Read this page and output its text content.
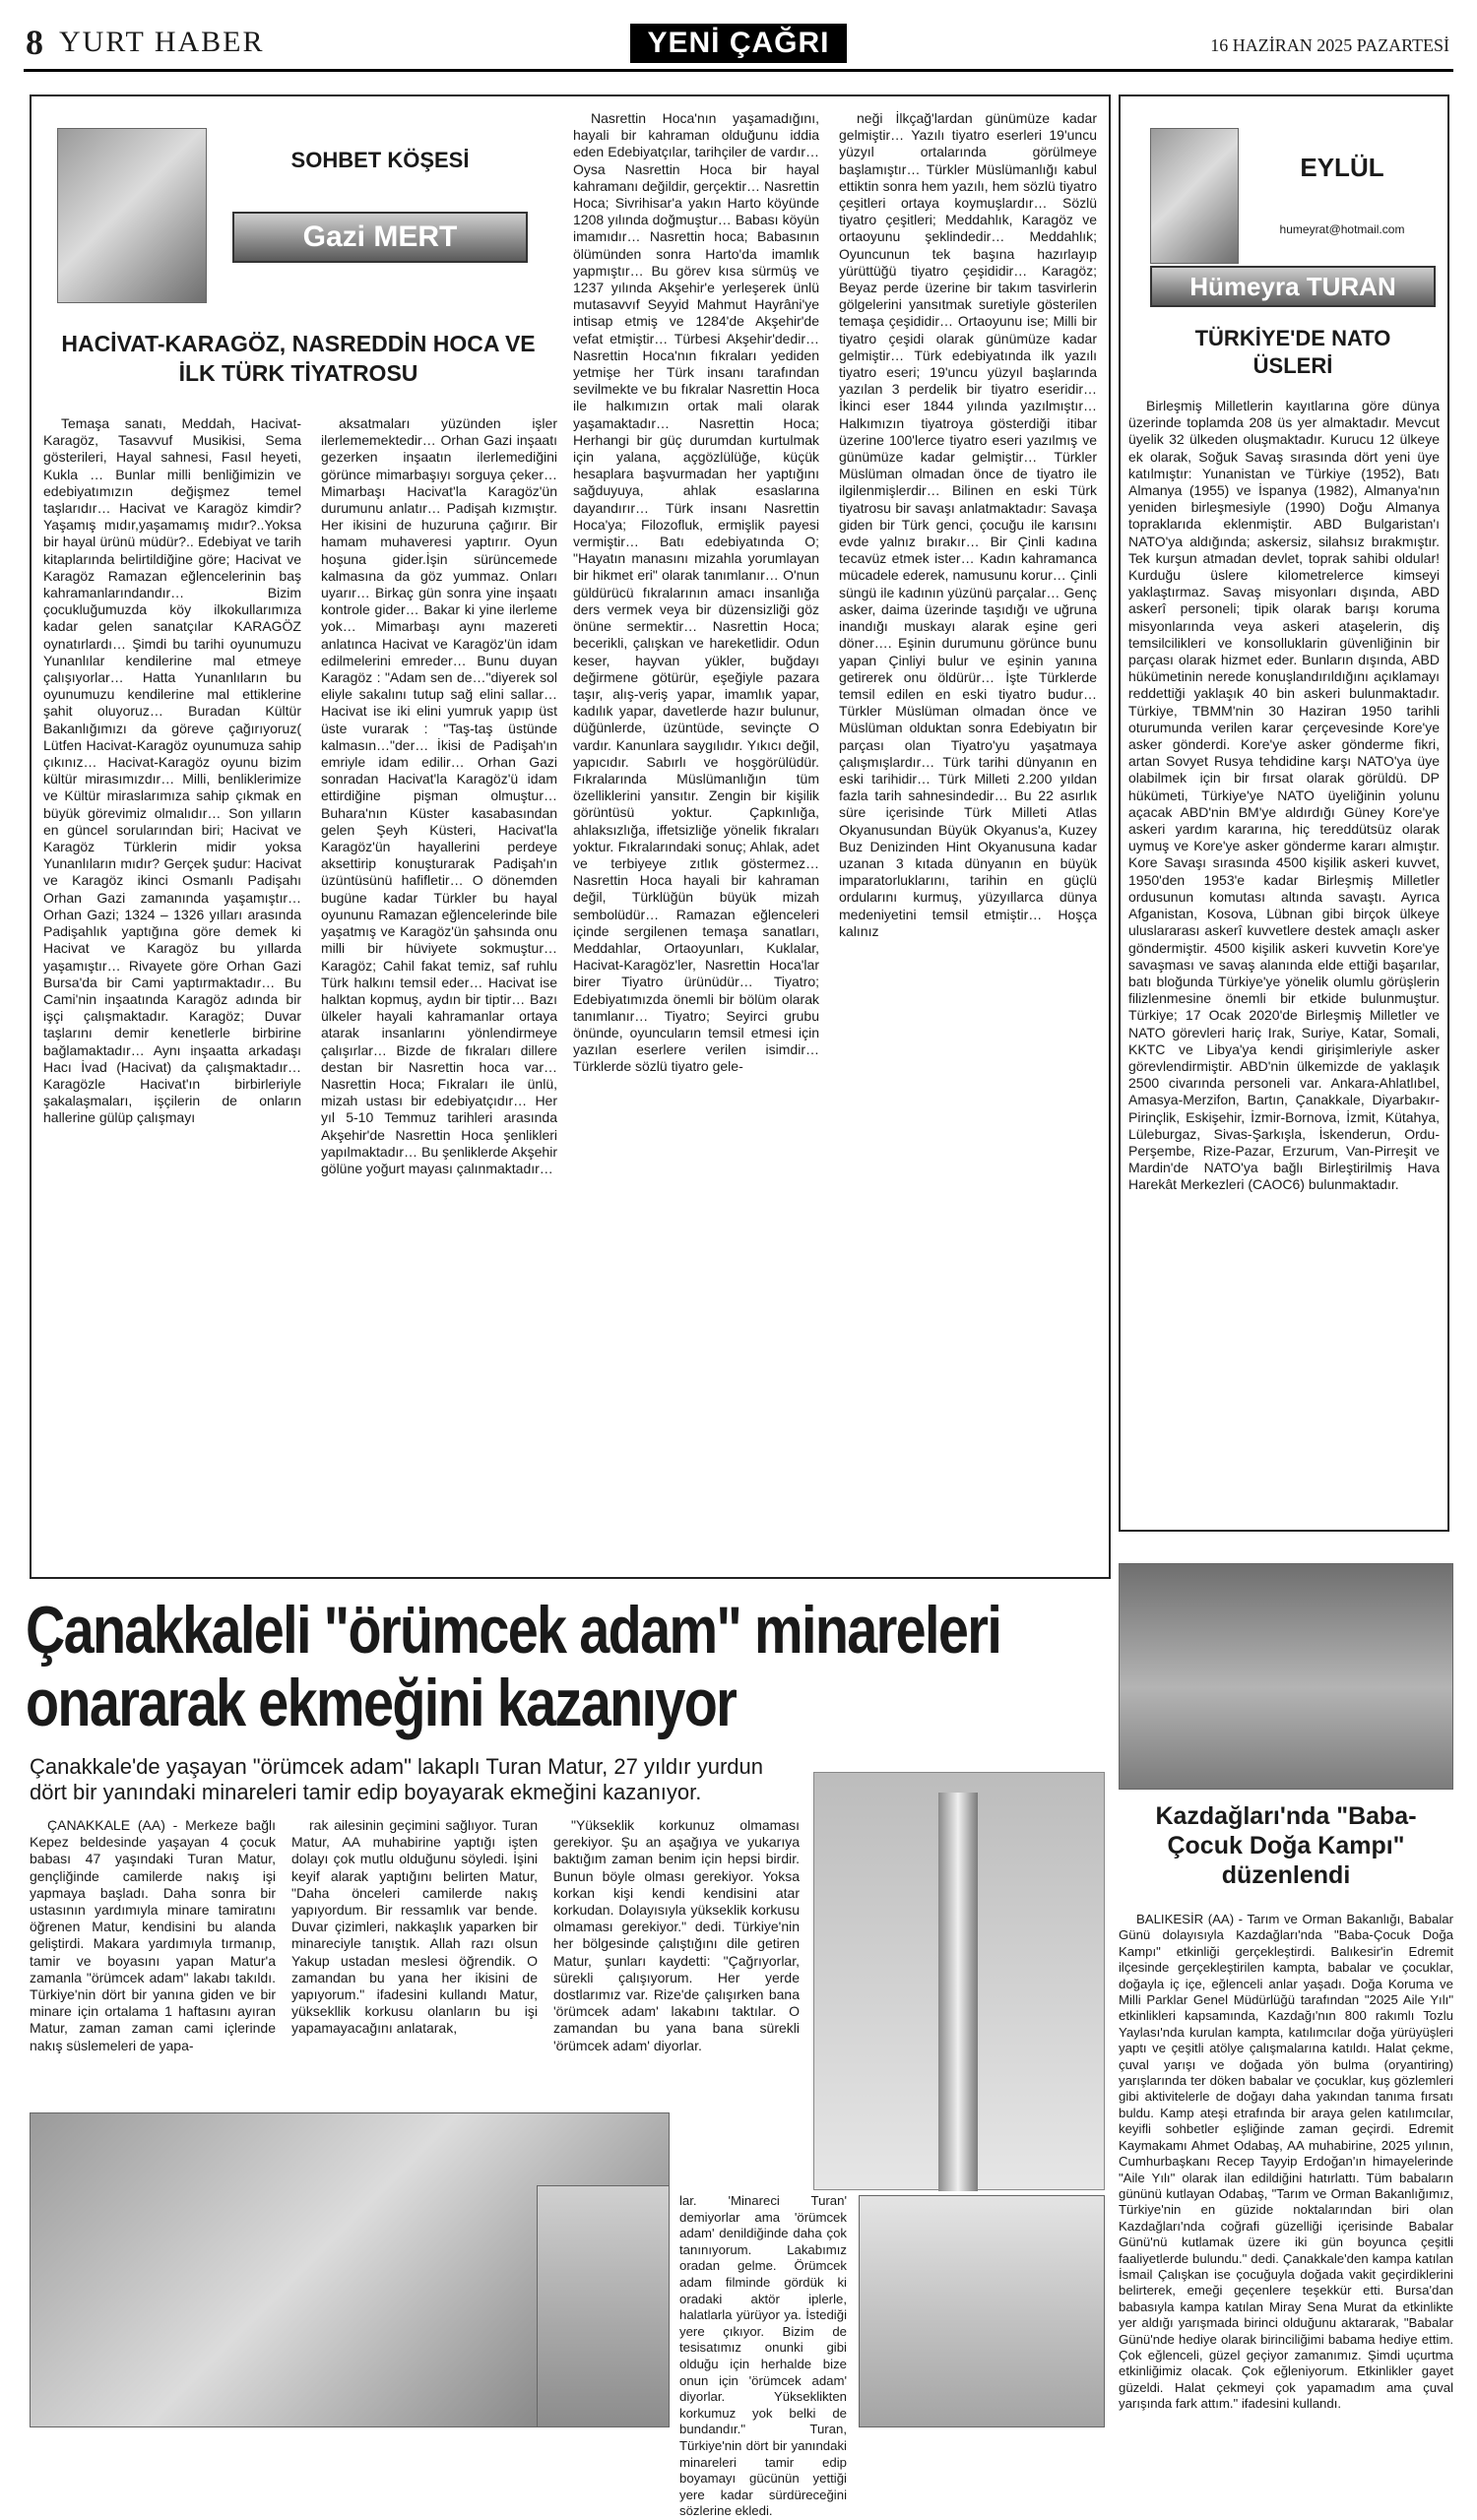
8 YURT HABER	YENİ ÇAĞRI	16 HAZİRAN 2025 PAZARTESİ
SOHBET KÖŞESİ
Gazi MERT
HACİVAT-KARAGÖZ, NASREDDİN HOCA VE İLK TÜRK TİYATROSU
Temaşa sanatı, Meddah, Hacivat-Karagöz, Tasavvuf Musikisi, Sema gösterileri, Hayal sahnesi, Fasıl heyeti, Kukla … Bunlar milli benliğimizin ve edebiyatımızın değişmez temel taşlarıdır… Hacivat ve Karagöz kimdir? Yaşamış mıdır,yaşamamış mıdır?..Yoksa bir hayal ürünü müdür?.. Edebiyat ve tarih kitaplarında belirtildiğine göre; Hacivat ve Karagöz Ramazan eğlencelerinin baş kahramanlarındandır… Bizim çocukluğumuzda köy ilkokullarımıza kadar gelen sanatçılar KARAGÖZ oynatırlardı… Şimdi bu tarihi oyunumuzu Yunanlılar kendilerine mal etmeye çalışıyorlar… Hatta Yunanlıların bu oyunumuzu kendilerine mal ettiklerine şahit oluyoruz… Buradan Kültür Bakanlığımızı da göreve çağırıyoruz( Lütfen Hacivat-Karagöz oyunumuza sahip çıkınız… Hacivat-Karagöz oyunu bizim kültür mirasımızdır… Milli, benliklerimize ve Kültür miraslarımıza sahip çıkmak en büyük görevimiz olmalıdır… Son yılların en güncel sorularından biri; Hacivat ve Karagöz Türklerin midir yoksa Yunanlıların mıdır? Gerçek şudur: Hacivat ve Karagöz ikinci Osmanlı Padişahı Orhan Gazi zamanında yaşamıştır… Orhan Gazi; 1324 – 1326 yılları arasında Padişahlık yaptığına göre demek ki Hacivat ve Karagöz bu yıllarda yaşamıştır… Rivayete göre Orhan Gazi Bursa'da bir Cami yaptırmaktadır… Bu Cami'nin inşaatında Karagöz adında bir işçi çalışmaktadır. Karagöz; Duvar taşlarını demir kenetlerle birbirine bağlamaktadır… Aynı inşaatta arkadaşı Hacı İvad (Hacivat) da çalışmaktadır… Karagözle Hacivat'ın birbirleriyle şakalaşmaları, işçilerin de onların hallerine gülüp çalışmayı
aksatmaları yüzünden işler ilerlememektedir… Orhan Gazi inşaatı gezerken inşaatın ilerlemediğini görünce mimarbaşıyı sorguya çeker… Mimarbaşı Hacivat'la Karagöz'ün durumunu anlatır… Padişah kızmıştır. Her ikisini de huzuruna çağırır. Bir hamam muhaveresi yaptırır. Oyun hoşuna gider.İşin sürüncemede kalmasına da göz yummaz. Onları uyarır… Birkaç gün sonra yine inşaatı kontrole gider… Bakar ki yine ilerleme yok… Mimarbaşı aynı mazereti anlatınca Hacivat ve Karagöz'ün idam edilmelerini emreder… Bunu duyan Karagöz : "Adam sen de…"diyerek sol eliyle sakalını tutup sağ elini sallar… Hacivat ise iki elini yumruk yapıp üst üste vurarak : "Taş-taş üstünde kalmasın…"der… İkisi de Padişah'ın emriyle idam edilir… Orhan Gazi sonradan Hacivat'la Karagöz'ü idam ettirdiğine pişman olmuştur… Buhara'nın Küster kasabasından gelen Şeyh Küsteri, Hacivat'la Karagöz'ün hayallerini perdeye aksettirip konuşturarak Padişah'ın üzüntüsünü hafifletir… O dönemden bugüne kadar Türkler bu hayal oyununu Ramazan eğlencelerinde bile yaşatmış ve Karagöz'ün şahsında onu milli bir hüviyete sokmuştur… Karagöz; Cahil fakat temiz, saf ruhlu Türk halkını temsil eder… Hacivat ise halktan kopmuş, aydın bir tiptir… Bazı ülkeler hayali kahramanlar ortaya atarak insanlarını yönlendirmeye çalışırlar… Bizde de fıkraları dillere destan bir Nasrettin hoca var… Nasrettin Hoca; Fıkraları ile ünlü, mizah ustası bir edebiyatçıdır… Her yıl 5-10 Temmuz tarihleri arasında Akşehir'de Nasrettin Hoca şenlikleri yapılmaktadır… Bu şenliklerde Akşehir gölüne yoğurt mayası çalınmaktadır…
Nasrettin Hoca'nın yaşamadığını, hayali bir kahraman olduğunu iddia eden Edebiyatçılar, tarihçiler de vardır… Oysa Nasrettin Hoca bir hayal kahramanı değildir, gerçektir… Nasrettin Hoca; Sivrihisar'a yakın Harto köyünde 1208 yılında doğmuştur… Babası köyün imamıdır… Nasrettin hoca; Babasının ölümünden sonra Harto'da imamlık yapmıştır… Bu görev kısa sürmüş ve 1237 yılında Akşehir'e yerleşerek ünlü mutasavvıf Seyyid Mahmut Hayrâni'ye intisap etmiş ve 1284'de Akşehir'de vefat etmiştir… Türbesi Akşehir'dedir… Nasrettin Hoca'nın fıkraları yediden yetmişe her Türk insanı tarafından sevilmekte ve bu fıkralar Nasrettin Hoca ile halkımızın ortak mali olarak yaşamaktadır… Nasrettin Hoca; Herhangi bir güç durumdan kurtulmak için yalana, açgözlülüğe, küçük hesaplara başvurmadan her yaptığını sağduyuya, ahlak esaslarına dayandırır… Türk insanı Nasrettin Hoca'ya; Filozofluk, ermişlik payesi vermiştir… Batı edebiyatında O; "Hayatın manasını mizahla yorumlayan bir hikmet eri" olarak tanımlanır… O'nun güldürücü fıkralarının amacı insanlığa ders vermek veya bir düzensizliği göz önüne sermektir… Nasrettin Hoca; becerikli, çalışkan ve hareketlidir. Odun keser, hayvan yükler, buğdayı değirmene götürür, eşeğiyle pazara taşır, alış-veriş yapar, imamlık yapar, kadılık yapar, davetlerde hazır bulunur, düğünlerde, üzüntüde, sevinçte O vardır. Kanunlara saygılıdır. Yıkıcı değil, yapıcıdır. Sabırlı ve hoşgörülüdür. Fıkralarında Müslümanlığın tüm özelliklerini yansıtır. Zengin bir kişilik görüntüsü yoktur. Çapkınlığa, ahlaksızlığa, iffetsizliğe yönelik fıkraları yoktur. Fıkralarındaki sonuç; Ahlak, adet ve terbiyeye zıtlık göstermez… Nasrettin Hoca hayali bir kahraman değil, Türklüğün büyük mizah sembolüdür… Ramazan eğlenceleri içinde sergilenen temaşa sanatları, Meddahlar, Ortaoyunları, Kuklalar, Hacivat-Karagöz'ler, Nasrettin Hoca'lar birer Tiyatro ürünüdür… Tiyatro; Edebiyatımızda önemli bir bölüm olarak tanımlanır… Tiyatro; Seyirci grubu önünde, oyuncuların temsil etmesi için yazılan eserlere verilen isimdir… Türklerde sözlü tiyatro gele-
neği İlkçağ'lardan günümüze kadar gelmiştir… Yazılı tiyatro eserleri 19'uncu yüzyıl ortalarında görülmeye başlamıştır… Türkler Müslümanlığı kabul ettiktin sonra hem yazılı, hem sözlü tiyatro çeşitleri ortaya koymuşlardır… Sözlü tiyatro çeşitleri; Meddahlık, Karagöz ve ortaoyunu şeklindedir… Meddahlık; Oyuncunun tek başına hazırlayıp yürüttüğü tiyatro çeşididir… Karagöz; Beyaz perde üzerine bir takım tasvirlerin gölgelerini yansıtmak suretiyle gösterilen temaşa çeşididir… Ortaoyunu ise; Milli bir tiyatro çeşidi olarak günümüze kadar gelmiştir… Türk edebiyatında ilk yazılı tiyatro eseri; 19'uncu yüzyıl başlarında yazılan 3 perdelik bir tiyatro eseridir… İkinci eser 1844 yılında yazılmıştır… Halkımızın tiyatroya gösterdiği itibar üzerine 100'lerce tiyatro eseri yazılmış ve günümüze kadar gelmiştir… Türkler Müslüman olmadan önce de tiyatro ile ilgilenmişlerdir… Bilinen en eski Türk tiyatrosu bir savaşı anlatmaktadır: Savaşa giden bir Türk genci, çocuğu ile karısını evde yalnız bırakır… Bir Çinli kadına tecavüz etmek ister… Kadın kahramanca mücadele ederek, namusunu korur… Çinli süngü ile kadının yüzünü parçalar… Genç asker, daima üzerinde taşıdığı ve uğruna inandığı muskayı alarak eşine geri döner…. Eşinin durumunu görünce bunu yapan Çinliyi bulur ve eşinin yanına getirerek onu öldürür… İşte Türklerde temsil edilen en eski tiyatro budur… Türkler Müslüman olmadan önce ve Müslüman olduktan sonra Edebiyatın bir parçası olan Tiyatro'yu yaşatmaya çalışmışlardır… Türk tarihi dünyanın en eski tarihidir… Türk Milleti 2.200 yıldan fazla tarih sahnesindedir… Bu 22 asırlık süre içerisinde Türk Milleti Atlas Okyanusundan Büyük Okyanus'a, Kuzey Buz Denizinden Hint Okyanusuna kadar uzanan 3 kıtada dünyanın en büyük imparatorluklarını, tarihin en güçlü ordularını kurmuş, yüzyıllarca dünya medeniyetini temsil etmiştir… Hoşça kalınız
EYLÜL
humeyrat@hotmail.com
Hümeyra TURAN
TÜRKİYE'DE NATO ÜSLERİ
Birleşmiş Milletlerin kayıtlarına göre dünya üzerinde toplamda 208 üs yer almaktadır. Mevcut üyelik 32 ülkeden oluşmaktadır. Kurucu 12 ülkeye ek olarak, Soğuk Savaş sırasında dört yeni üye katılmıştır: Yunanistan ve Türkiye (1952), Batı Almanya (1955) ve İspanya (1982), Almanya'nın yeniden birleşmesiyle (1990) Doğu Almanya topraklarıda eklenmiştir. ABD Bulgaristan'ı NATO'ya aldığında; askersiz, silahsız bırakmıştır. Tek kurşun atmadan devlet, toprak sahibi oldular! Kurduğu üslere kilometrelerce kimseyi yaklaştırmaz. Savaş misyonları dışında, ABD askerî personeli; tipik olarak barışı koruma misyonlarında veya askeri ataşelerin, diş temsilcilikleri ve konsolluklarin güvenliğinin bir parçası olarak hizmet eder. Bunların dışında, ABD hükümetinin nerede konuşlandırıldığını açıklamayı reddettiği yaklaşık 40 bin askeri bulunmaktadır. Türkiye, TBMM'nin 30 Haziran 1950 tarihli oturumunda verilen karar çerçevesinde Kore'ye asker gönderdi. Kore'ye asker gönderme fikri, artan Sovyet Rusya tehdidine karşı NATO'ya üye olabilmek için bir fırsat olarak görüldü. DP hükümeti, Türkiye'ye NATO üyeliğinin yolunu açacak ABD'nin BM'ye aldırdığı Güney Kore'ye askeri yardım kararına, hiç tereddütsüz olarak uymuş ve Kore'ye asker gönderme kararı almıştır. Kore Savaşı sırasında 4500 kişilik askeri kuvvet, 1950'den 1953'e kadar Birleşmiş Milletler ordusunun komutası altında savaştı. Ayrıca Afganistan, Kosova, Lübnan gibi birçok ülkeye uluslararası askerî kuvvetlere destek amaçlı asker göndermiştir. 4500 kişilik askeri kuvvetin Kore'ye savaşması ve savaş alanında elde ettiği başarılar, batı bloğunda Türkiye'ye yönelik olumlu görüşlerin filizlenmesine önemli bir etkide bulunmuştur. Türkiye; 17 Ocak 2020'de Birleşmiş Milletler ve NATO görevleri hariç Irak, Suriye, Katar, Somali, KKTC ve Libya'ya kendi girişimleriyle asker görevlendirmiştir. ABD'nin ülkemizde de yaklaşık 2500 civarında personeli var. Ankara-Ahlatlıbel, Amasya-Merzifon, Bartın, Çanakkale, Diyarbakır-Pirinçlik, Eskişehir, İzmir-Bornova, İzmit, Kütahya, Lüleburgaz, Sivas-Şarkışla, İskenderun, Ordu-Perşembe, Rize-Pazar, Erzurum, Van-Pirreşit ve Mardin'de NATO'ya bağlı Birleştirilmiş Hava Harekât Merkezleri (CAOC6) bulunmaktadır.
Çanakkaleli "örümcek adam" minareleri
onararak ekmeğini kazanıyor
Çanakkale'de yaşayan "örümcek adam" lakaplı Turan Matur, 27 yıldır yurdun dört bir yanındaki minareleri tamir edip boyayarak ekmeğini kazanıyor.
ÇANAKKALE (AA) - Merkeze bağlı Kepez beldesinde yaşayan 4 çocuk babası 47 yaşındaki Turan Matur, gençliğinde camilerde nakış işi yapmaya başladı. Daha sonra bir ustasının yardımıyla minare tamiratını öğrenen Matur, kendisini bu alanda geliştirdi. Makara yardımıyla tırmanıp, tamir ve boyasını yapan Matur'a zamanla "örümcek adam" lakabı takıldı. Türkiye'nin dört bir yanına giden ve bir minare için ortalama 1 haftasını ayıran Matur, zaman zaman cami içlerinde nakış süslemeleri de yapa-
rak ailesinin geçimini sağlıyor. Turan Matur, AA muhabirine yaptığı işten dolayı çok mutlu olduğunu söyledi. İşini keyif alarak yaptığını belirten Matur, "Daha önceleri camilerde nakış yapıyordum. Bir ressamlık var bende. Duvar çizimleri, nakkaşlık yaparken bir minareciyle tanıştık. Allah razı olsun Yakup ustadan meslesi öğrendik. O zamandan bu yana her ikisini de yapıyorum." ifadesini kullandı Matur, yüksekllik korkusu olanların bu işi yapamayacağını anlatarak,
"Yükseklik korkunuz olmaması gerekiyor. Şu an aşağıya ve yukarıya baktığım zaman benim için hepsi birdir. Bunun böyle olması gerekiyor. Yoksa korkan kişi kendi kendisini atar korkudan. Dolayısıyla yükseklik korkusu olmaması gerekiyor." dedi. Türkiye'nin her bölgesinde çalıştığını dile getiren Matur, şunları kaydetti: "Çağrıyorlar, sürekli çalışıyorum. Her yerde dostlarımız var. Rize'de çalışırken bana 'örümcek adam' lakabını taktılar. O zamandan bu yana bana sürekli 'örümcek adam' diyorlar.
lar. 'Minareci Turan' demiyorlar ama 'örümcek adam' denildiğinde daha çok tanınıyorum. Lakabımız oradan gelme. Örümcek adam filminde gördük ki oradaki aktör iplerle, halatlarla yürüyor ya. İstediği yere çıkıyor. Bizim de tesisatımız onunki gibi olduğu için herhalde bize onun için 'örümcek adam' diyorlar. Yükseklikten korkumuz yok belki de bundandır." Turan, Türkiye'nin dört bir yanındaki minareleri tamir edip boyamayı gücünün yettiği yere kadar sürdüreceğini sözlerine ekledi.
Kazdağları'nda "Baba-Çocuk Doğa Kampı" düzenlendi
BALIKESİR (AA) - Tarım ve Orman Bakanlığı, Babalar Günü dolayısıyla Kazdağları'nda "Baba-Çocuk Doğa Kampı" etkinliği gerçekleştirdi. Balıkesir'in Edremit ilçesinde gerçekleştirilen kampta, babalar ve çocuklar, doğayla iç içe, eğlenceli anlar yaşadı. Doğa Koruma ve Milli Parklar Genel Müdürlüğü tarafından "2025 Aile Yılı" etkinlikleri kapsamında, Kazdağı'nın 800 rakımlı Tozlu Yaylası'nda kurulan kampta, katılımcılar doğa yürüyüşleri yaptı ve çeşitli atölye çalışmalarına katıldı. Halat çekme, çuval yarışı ve doğada yön bulma (oryantiring) yarışlarında ter döken babalar ve çocuklar, kuş gözlemleri gibi aktivitelerle de doğayı daha yakından tanıma fırsatı buldu. Kamp ateşi etrafında bir araya gelen katılımcılar, keyifli sohbetler eşliğinde zaman geçirdi. Edremit Kaymakamı Ahmet Odabaş, AA muhabirine, 2025 yılının, Cumhurbaşkanı Recep Tayyip Erdoğan'ın himayelerinde "Aile Yılı" olarak ilan edildiğini hatırlattı. Tüm babaların gününü kutlayan Odabaş, "Tarım ve Orman Bakanlığımız, Türkiye'nin en güzide noktalarından biri olan Kazdağları'nda coğrafi güzelliği içerisinde Babalar Günü'nü kutlamak üzere iki gün boyunca çeşitli faaliyetlerde bulundu." dedi. Çanakkale'den kampa katılan İsmail Çalışkan ise çocuğuyla doğada vakit geçirdiklerini belirterek, emeği geçenlere teşekkür etti. Bursa'dan babasıyla kampa katılan Miray Sena Murat da etkinlikte yer aldığı yarışmada birinci olduğunu aktararak, "Babalar Günü'nde hediye olarak birinciliğimi babama hediye ettim. Çok eğlenceli, güzel geçiyor zamanımız. Şimdi uçurtma etkinliğimiz olacak. Çok eğleniyorum. Etkinlikler gayet güzeldi. Halat çekmeyi çok yapamadım ama çuval yarışında fark attım." ifadesini kullandı.
